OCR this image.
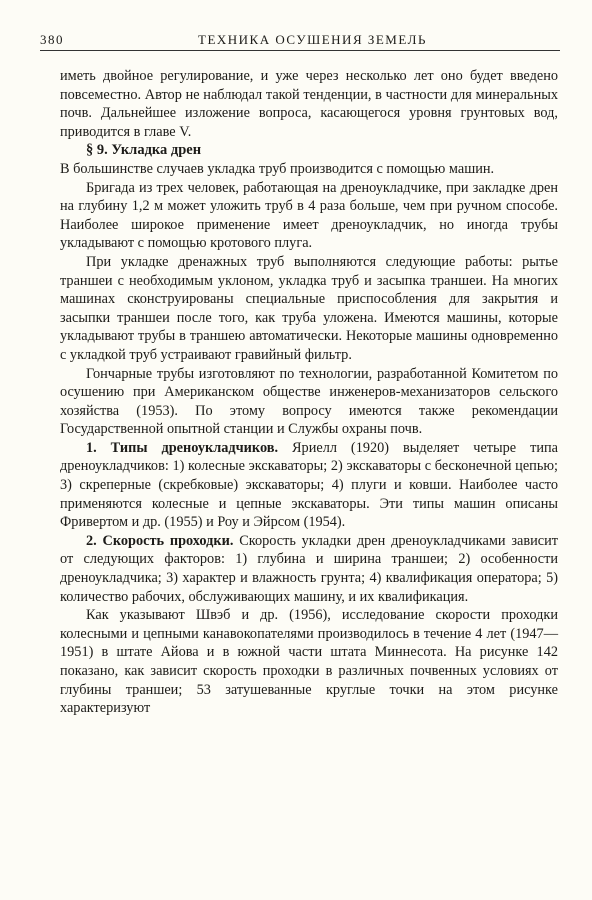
380	ТЕХНИКА ОСУШЕНИЯ ЗЕМЕЛЬ

иметь двойное регулирование, и уже через несколько лет оно будет введено повсеместно. Автор не наблюдал такой тенденции, в частности для минеральных почв. Дальнейшее изложение вопроса, касающегося уровня грунтовых вод, приводится в главе V.

§ 9. Укладка дрен

В большинстве случаев укладка труб производится с помощью машин.

Бригада из трех человек, работающая на дреноукладчике, при закладке дрен на глубину 1,2 м может уложить труб в 4 раза больше, чем при ручном способе. Наиболее широкое применение имеет дреноукладчик, но иногда трубы укладывают с помощью кротового плуга.

При укладке дренажных труб выполняются следующие работы: рытье траншеи с необходимым уклоном, укладка труб и засыпка траншеи. На многих машинах сконструированы специальные приспособления для закрытия и засыпки траншеи после того, как труба уложена. Имеются машины, которые укладывают трубы в траншею автоматически. Некоторые машины одновременно с укладкой труб устраивают гравийный фильтр.

Гончарные трубы изготовляют по технологии, разработанной Комитетом по осушению при Американском обществе инженеров-механизаторов сельского хозяйства (1953). По этому вопросу имеются также рекомендации Государственной опытной станции и Службы охраны почв.

1. Типы дреноукладчиков. Яриелл (1920) выделяет четыре типа дреноукладчиков: 1) колесные экскаваторы; 2) экскаваторы с бесконечной цепью; 3) скреперные (скребковые) экскаваторы; 4) плуги и ковши. Наиболее часто применяются колесные и цепные экскаваторы. Эти типы машин описаны Фривертом и др. (1955) и Роу и Эйрсом (1954).

2. Скорость проходки. Скорость укладки дрен дреноукладчиками зависит от следующих факторов: 1) глубина и ширина траншеи; 2) особенности дреноукладчика; 3) характер и влажность грунта; 4) квалификация оператора; 5) количество рабочих, обслуживающих машину, и их квалификация.

Как указывают Швэб и др. (1956), исследование скорости проходки колесными и цепными канавокопателями производилось в течение 4 лет (1947—1951) в штате Айова и в южной части штата Миннесота. На рисунке 142 показано, как зависит скорость проходки в различных почвенных условиях от глубины траншеи; 53 затушеванные круглые точки на этом рисунке характеризуют
